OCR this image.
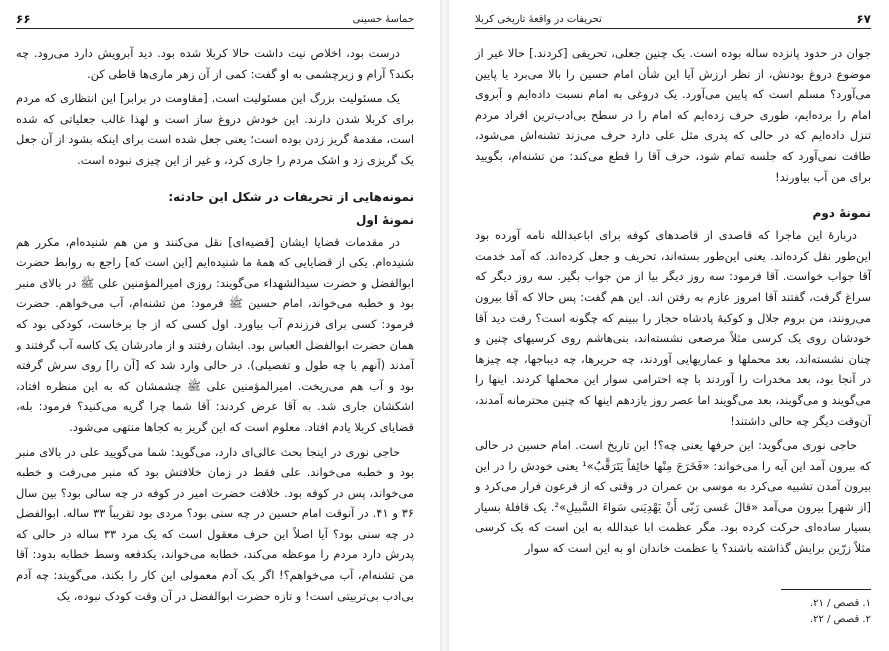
حماسهٔ حسینی
۶۶

درست بود، اخلاص نیت داشت حالا کربلا شده بود. دید آبرویش دارد می‌رود. چه بکند؟ آرام و زیرچشمی به او گفت: کمی از آن زهر ماری‌ها قاطی کن.

یک مسئولیت بزرگ این مسئولیت است. [مقاومت در برابر] این انتظاری که مردم برای کربلا شدن دارند. این خودش دروغ ساز است و لهذا غالب جعلیاتی که شده است، مقدمهٔ گریز زدن بوده است؛ یعنی جعل شده است برای اینکه بشود از آن جعل یک گریزی زد و اشک مردم را جاری کرد، و غیر از این چیزی نبوده است.

نمونه‌هایی از تحریفات در شکل این حادثه:
نمونهٔ اول

در مقدمات قضایا ایشان [قضیه‌ای] نقل می‌کنند و من هم شنیده‌ام، مکرر هم شنیده‌ام. یکی از قضایایی که همهٔ ما شنیده‌ایم [این است که] راجع به روابط حضرت ابوالفضل و حضرت سیدالشهداء می‌گویند: روزی امیرالمؤمنین علی ﷺ در بالای منبر بود و خطبه می‌خواند، امام حسین ﷺ فرمود: من تشنه‌ام، آب می‌خواهم. حضرت فرمود: کسی برای فرزندم آب بیاورد. اول کسی که از جا برخاست، کودکی بود که همان حضرت ابوالفضل العباس بود. ایشان رفتند و از مادرشان یک کاسه آب گرفتند و آمدند (آنهم با چه طول و تفصیلی). در حالی وارد شد که [آن را] روی سرش گرفته بود و آب هم می‌ریخت. امیرالمؤمنین علی ﷺ چشمشان که به این منظره افتاد، اشکشان جاری شد. به آقا عرض کردند: آقا شما چرا گریه می‌کنید؟ فرمود: بله، قضایای کربلا یادم افتاد. معلوم است که این گریز به کجاها منتهی می‌شود.

حاجی نوری در اینجا بحث عالی‌ای دارد، می‌گوید: شما می‌گویید علی در بالای منبر بود و خطبه می‌خواند. علی فقط در زمان خلافتش بود که منبر می‌رفت و خطبه می‌خواند، پس در کوفه بود. خلافت حضرت امیر در کوفه در چه سالی بود؟ بین سال ۳۶ و ۴۱. در آنوقت امام حسین در چه سنی بود؟ مردی بود تقریباً ۳۳ ساله. ابوالفضل در چه سنی بود؟ آیا اصلاً این حرف معقول است که یک مرد ۳۳ ساله در حالی که پدرش دارد مردم را موعظه می‌کند، خطابه می‌خواند، یکدفعه وسط خطابه بدود: آقا من تشنه‌ام، آب می‌خواهم؟! اگر یک آدم معمولی این کار را بکند، می‌گویند: چه آدم بی‌ادب بی‌تربیتی است! و تازه حضرت ابوالفضل در آن وقت کودک نبوده، یک

۶۷
تحریفات در واقعهٔ تاریخی کربلا

جوان در حدود پانزده ساله بوده است. یک چنین جعلی، تحریفی [کردند.] حالا غیر از موضوع دروغ بودنش، از نظر ارزش آیا این شأن امام حسین را بالا می‌برد یا پایین می‌آورد؟ مسلم است که پایین می‌آورد. یک دروغی به امام نسبت داده‌ایم و آبروی امام را برده‌ایم، طوری حرف زده‌ایم که امام را در سطح بی‌ادب‌ترین افراد مردم تنزل داده‌ایم که در حالی که پدری مثل علی دارد حرف می‌زند تشنه‌اش می‌شود، طاقت نمی‌آورد که جلسه تمام شود، حرف آقا را قطع می‌کند: من تشنه‌ام، بگویید برای من آب بیاورند!

نمونهٔ دوم

دربارهٔ این ماجرا که قاصدی از قاصدهای کوفه برای اباعبدالله نامه آورده بود این‌طور نقل کرده‌اند. یعنی این‌طور بسته‌اند، تحریف و جعل کرده‌اند. که آمد خدمت آقا جواب خواست. آقا فرمود: سه روز دیگر بیا از من جواب بگیر. سه روز دیگر که سراغ گرفت، گفتند آقا امروز عازم به رفتن اند. این هم گفت: پس حالا که آقا بیرون می‌رونند، من بروم جلال و کوکبهٔ پادشاه حجاز را ببینم که چگونه است؟ رفت دید آقا خودشان روی یک کرسی مثلاً مرصعی نشسته‌اند، بنی‌هاشم روی کرسیهای چنین و چنان نشسته‌اند، بعد محملها و عماریهایی آوردند، چه حریرها، چه دیباجها، چه چیزها در آنجا بود، بعد مخدرات را آوردند با چه احترامی سوار این محملها کردند. اینها را می‌گویند و می‌گویند، بعد می‌گویند اما عصر روز یازدهم اینها که چنین محترمانه آمدند، آن‌وقت دیگر چه حالی داشتند!

حاجی نوری می‌گوید: این حرفها یعنی چه؟! این تاریخ است. امام حسین در حالی که بیرون آمد این آیه را می‌خواند: «فَخَرَجَ مِنْها خائِفاً یَتَرَقَّبُ»¹ یعنی خودش را در این بیرون آمدن تشبیه می‌کرد به موسی بن عمران در وقتی که از فرعون فرار می‌کرد و [از شهر] بیرون می‌آمد «قالَ عَسی رَبّی أَنْ یَهْدِیَنی سَواءَ السَّبیلِ»². یک قافلهٔ بسیار بسیار ساده‌ای حرکت کرده بود. مگر عظمت ابا عبدالله به این است که یک کرسی مثلاً زرّین برایش گذاشته باشند؟ یا عظمت خاندان او به این است که سوار

۱. قصص / ۲۱.

۲. قصص / ۲۲.
